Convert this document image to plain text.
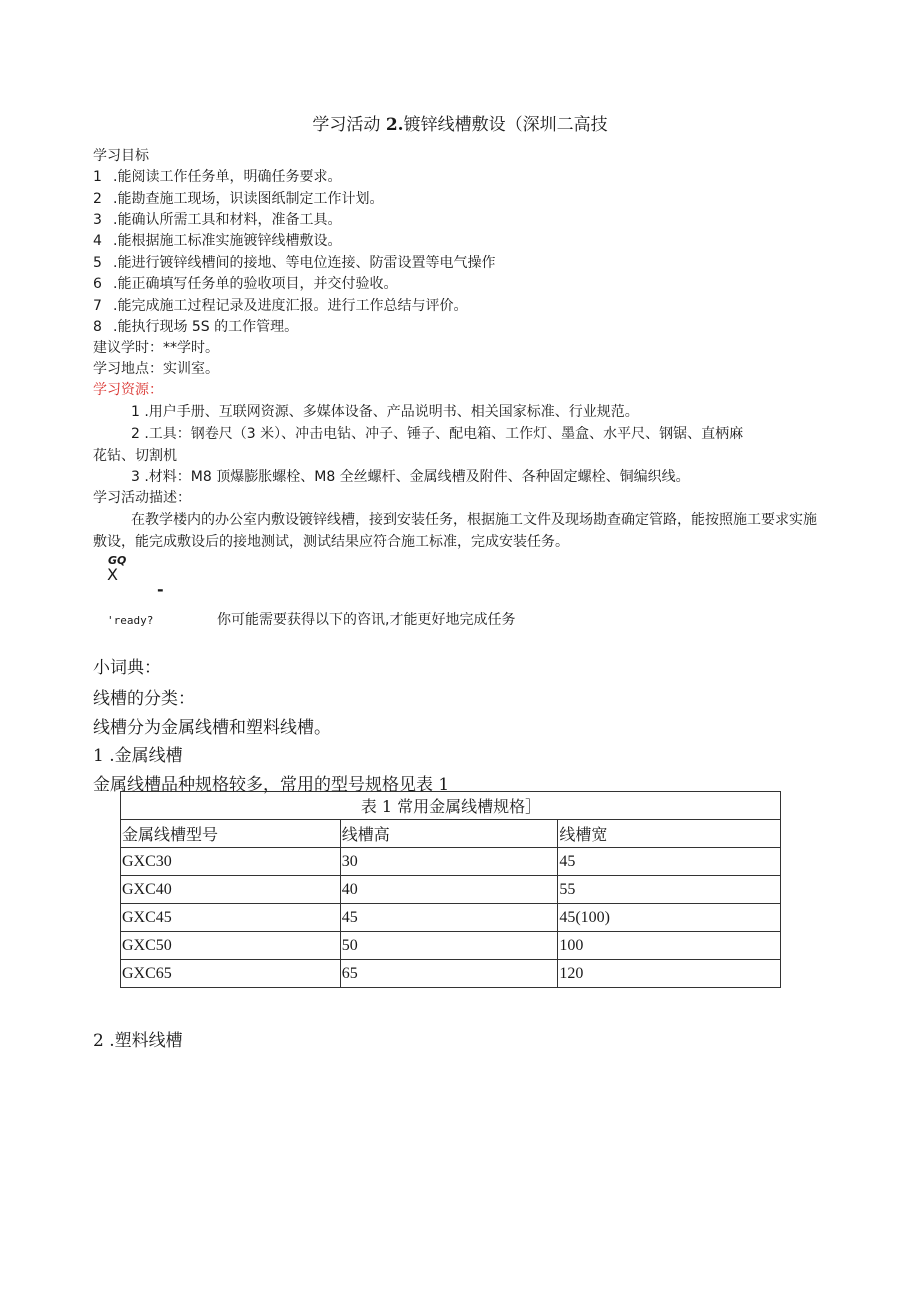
学习活动 2.镀锌线槽敷设（深圳二高技
学习目标
1 .能阅读工作任务单，明确任务要求。
2 .能勘查施工现场，识读图纸制定工作计划。
3 .能确认所需工具和材料，准备工具。
4 .能根据施工标准实施镀锌线槽敷设。
5 .能进行镀锌线槽间的接地、等电位连接、防雷设置等电气操作
6 .能正确填写任务单的验收项目，并交付验收。
7 .能完成施工过程记录及进度汇报。进行工作总结与评价。
8 .能执行现场 5S 的工作管理。
建议学时：**学时。
学习地点：实训室。
学习资源：
1 .用户手册、互联网资源、多媒体设备、产品说明书、相关国家标准、行业规范。
2 .工具：钢卷尺（3 米）、冲击电钻、冲子、锤子、配电箱、工作灯、墨盒、水平尺、钢锯、直柄麻
花钻、切割机
3 .材料：M8 顶爆膨胀螺栓、M8 全丝螺杆、金属线槽及附件、各种固定螺栓、铜编织线。
学习活动描述：
在教学楼内的办公室内敷设镀锌线槽，接到安装任务，根据施工文件及现场勘查确定管路，能按照施工要求实施敷设，能完成敷设后的接地测试，测试结果应符合施工标准，完成安装任务。
GQ
X
-
'ready?	你可能需要获得以下的咨讯,才能更好地完成任务
小词典：
线槽的分类：
线槽分为金属线槽和塑料线槽。
1 .金属线槽
金属线槽品种规格较多，常用的型号规格见表 1
表 1 常用金属线槽规格］		
金属线槽型号	线槽高	线槽宽
GXC30	30	45
GXC40	40	55
GXC45	45	45(100)
GXC50	50	100
GXC65	65	120
2 .塑料线槽
